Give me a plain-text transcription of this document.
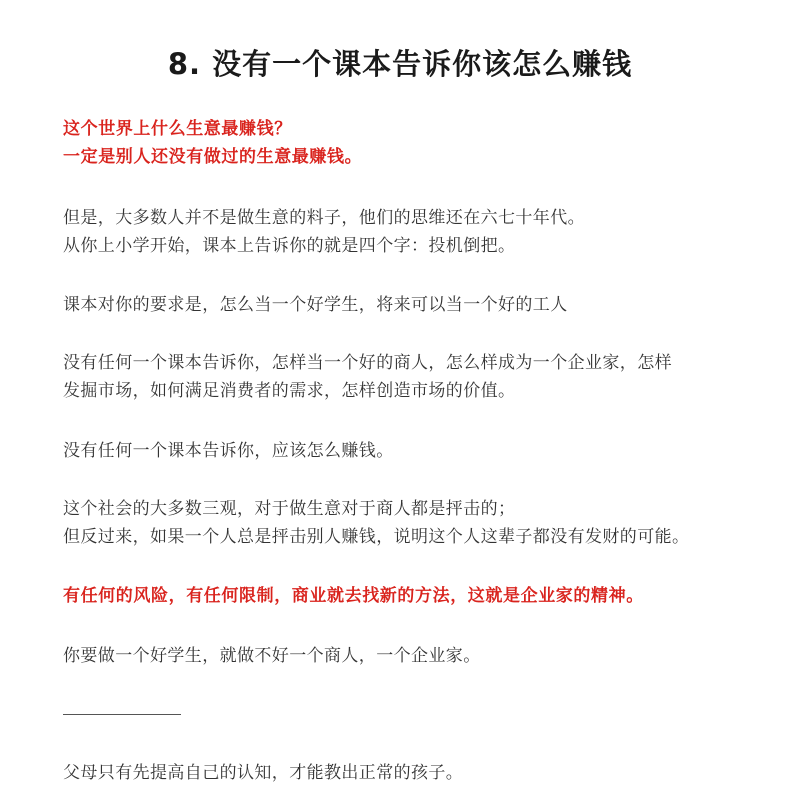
8. 没有一个课本告诉你该怎么赚钱
这个世界上什么生意最赚钱？
一定是别人还没有做过的生意最赚钱。
但是，大多数人并不是做生意的料子，他们的思维还在六七十年代。
从你上小学开始，课本上告诉你的就是四个字：投机倒把。
课本对你的要求是，怎么当一个好学生，将来可以当一个好的工人
没有任何一个课本告诉你，怎样当一个好的商人，怎么样成为一个企业家，怎样
发掘市场，如何满足消费者的需求，怎样创造市场的价值。
没有任何一个课本告诉你，应该怎么赚钱。
这个社会的大多数三观，对于做生意对于商人都是抨击的；
但反过来，如果一个人总是抨击别人赚钱，说明这个人这辈子都没有发财的可能。
有任何的风险，有任何限制，商业就去找新的方法，这就是企业家的精神。
你要做一个好学生，就做不好一个商人，一个企业家。
父母只有先提高自己的认知，才能教出正常的孩子。
